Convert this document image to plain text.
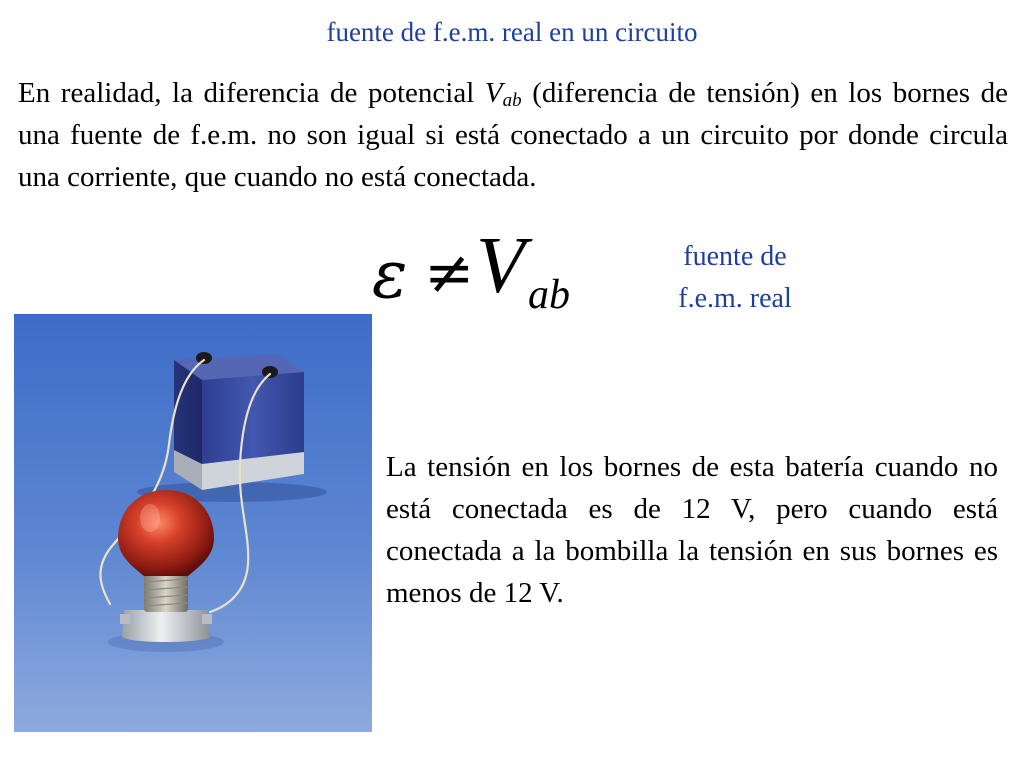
fuente de f.e.m. real en un circuito

En realidad, la diferencia de potencial $V_{ab}$ (diferencia de tensión) en los bornes de una fuente de f.e.m. no son igual si está conectado a un circuito por donde circula una corriente, que cuando no está conectada.

ε ≠ V ab
fuente de
f.e.m. real

La tensión en los bornes de esta batería cuando no está conectada es de 12 V, pero cuando está conectada a la bombilla la tensión en sus bornes es menos de 12 V.
